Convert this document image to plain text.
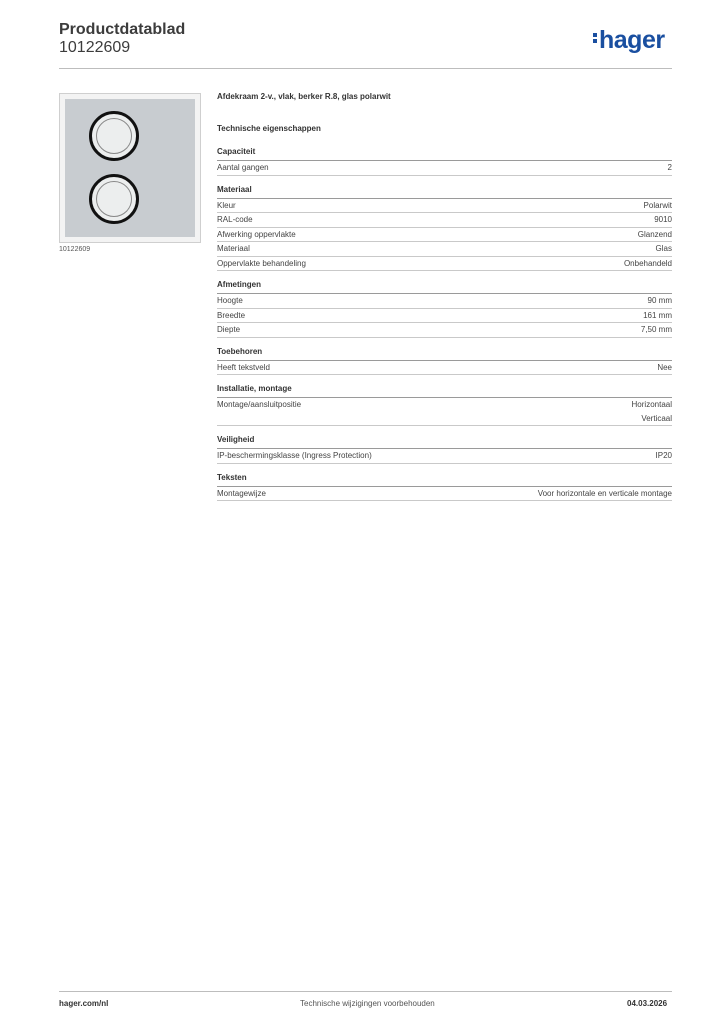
Productdatablad
10122609	hager
10122609
Afdekraam 2-v., vlak, berker R.8, glas polarwit
Technische eigenschappen
Capaciteit
Aantal gangen	2
Materiaal
Kleur	Polarwit
RAL-code	9010
Afwerking oppervlakte	Glanzend
Materiaal	Glas
Oppervlakte behandeling	Onbehandeld
Afmetingen
Hoogte	90 mm
Breedte	161 mm
Diepte	7,50 mm
Toebehoren
Heeft tekstveld	Nee
Installatie, montage
Montage/aansluitpositie	Horizontaal
Verticaal
Veiligheid
IP-beschermingsklasse (Ingress Protection)	IP20
Teksten
Montagewijze	Voor horizontale en verticale montage
hager.com/nl	Technische wijzigingen voorbehouden	04.03.2026
